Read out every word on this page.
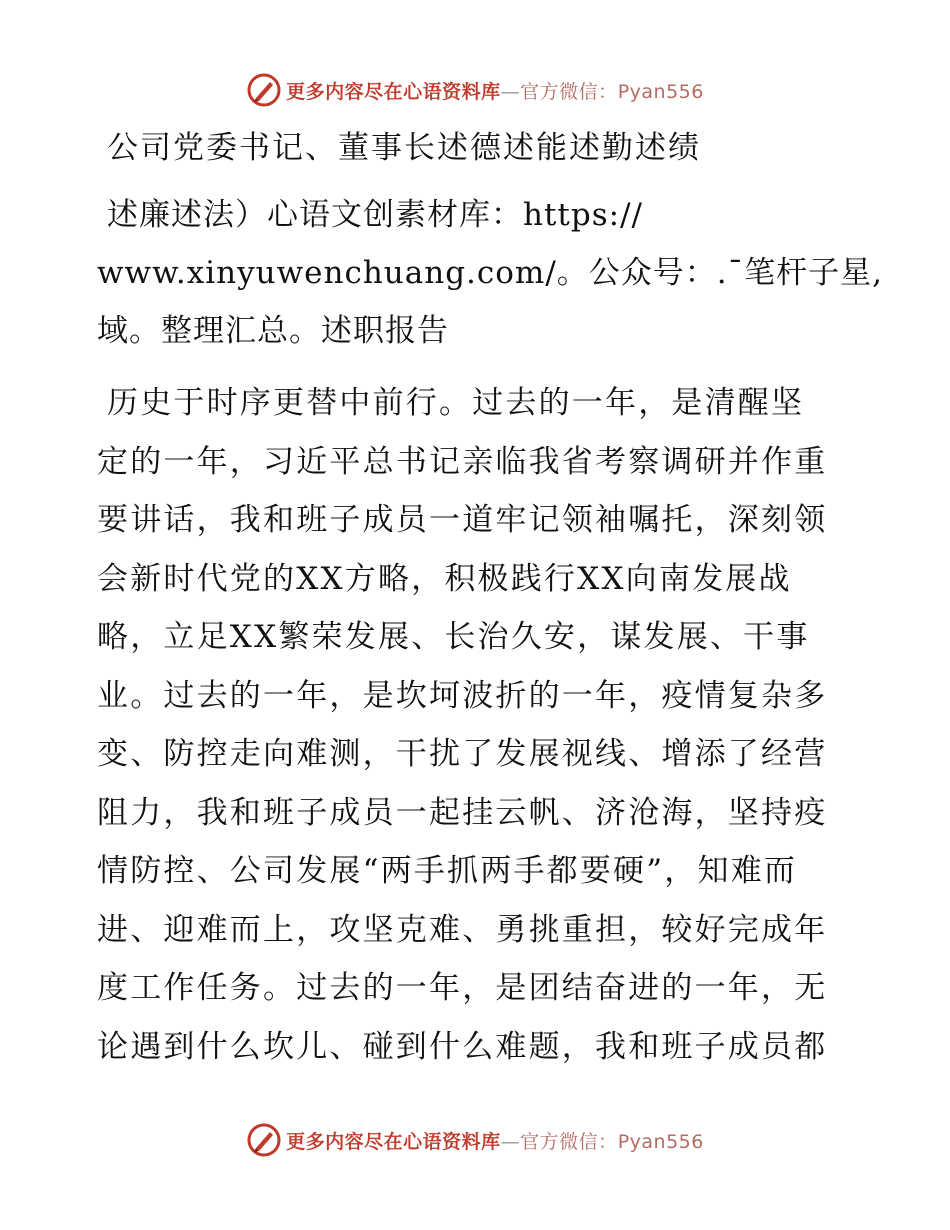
更多内容尽在心语资料库—官方微信：Pyan556
公司党委书记、董事长述德述能述勤述绩
述廉述法）心语文创素材库：https://
www.xinyuwenchuang.com/。公众号：.¯笔杆子星,
域。整理汇总。述职报告
历史于时序更替中前行。过去的一年，是清醒坚
定的一年，习近平总书记亲临我省考察调研并作重
要讲话，我和班子成员一道牢记领袖嘱托，深刻领
会新时代党的XX方略，积极践行XX向南发展战
略，立足XX繁荣发展、长治久安，谋发展、干事
业。过去的一年，是坎坷波折的一年，疫情复杂多
变、防控走向难测，干扰了发展视线、增添了经营
阻力，我和班子成员一起挂云帆、济沧海，坚持疫
情防控、公司发展“两手抓两手都要硬”，知难而
进、迎难而上，攻坚克难、勇挑重担，较好完成年
度工作任务。过去的一年，是团结奋进的一年，无
论遇到什么坎儿、碰到什么难题，我和班子成员都
更多内容尽在心语资料库—官方微信：Pyan556
